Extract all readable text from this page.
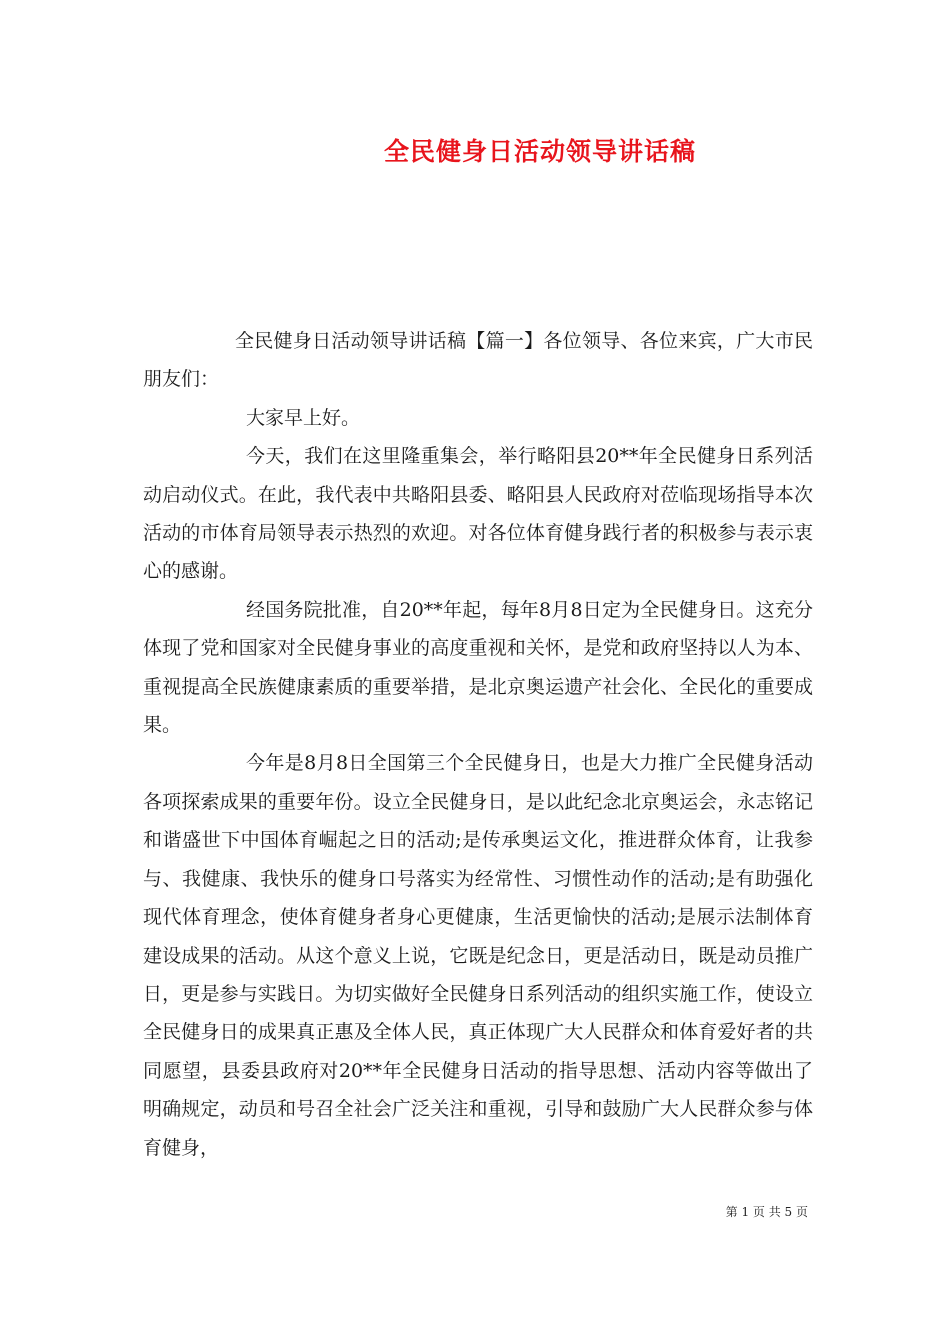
全民健身日活动领导讲话稿

全民健身日活动领导讲话稿【篇一】各位领导、各位来宾，广大市民朋友们：

大家早上好。

今天，我们在这里隆重集会，举行略阳县20**年全民健身日系列活动启动仪式。在此，我代表中共略阳县委、略阳县人民政府对莅临现场指导本次活动的市体育局领导表示热烈的欢迎。对各位体育健身践行者的积极参与表示衷心的感谢。

经国务院批准，自20**年起，每年8月8日定为全民健身日。这充分体现了党和国家对全民健身事业的高度重视和关怀，是党和政府坚持以人为本、重视提高全民族健康素质的重要举措，是北京奥运遗产社会化、全民化的重要成果。

今年是8月8日全国第三个全民健身日，也是大力推广全民健身活动各项探索成果的重要年份。设立全民健身日，是以此纪念北京奥运会，永志铭记和谐盛世下中国体育崛起之日的活动;是传承奥运文化，推进群众体育，让我参与、我健康、我快乐的健身口号落实为经常性、习惯性动作的活动;是有助强化现代体育理念，使体育健身者身心更健康，生活更愉快的活动;是展示法制体育建设成果的活动。从这个意义上说，它既是纪念日，更是活动日，既是动员推广日，更是参与实践日。为切实做好全民健身日系列活动的组织实施工作，使设立全民健身日的成果真正惠及全体人民，真正体现广大人民群众和体育爱好者的共同愿望，县委县政府对20**年全民健身日活动的指导思想、活动内容等做出了明确规定，动员和号召全社会广泛关注和重视，引导和鼓励广大人民群众参与体育健身，

第 1 页 共 5 页
